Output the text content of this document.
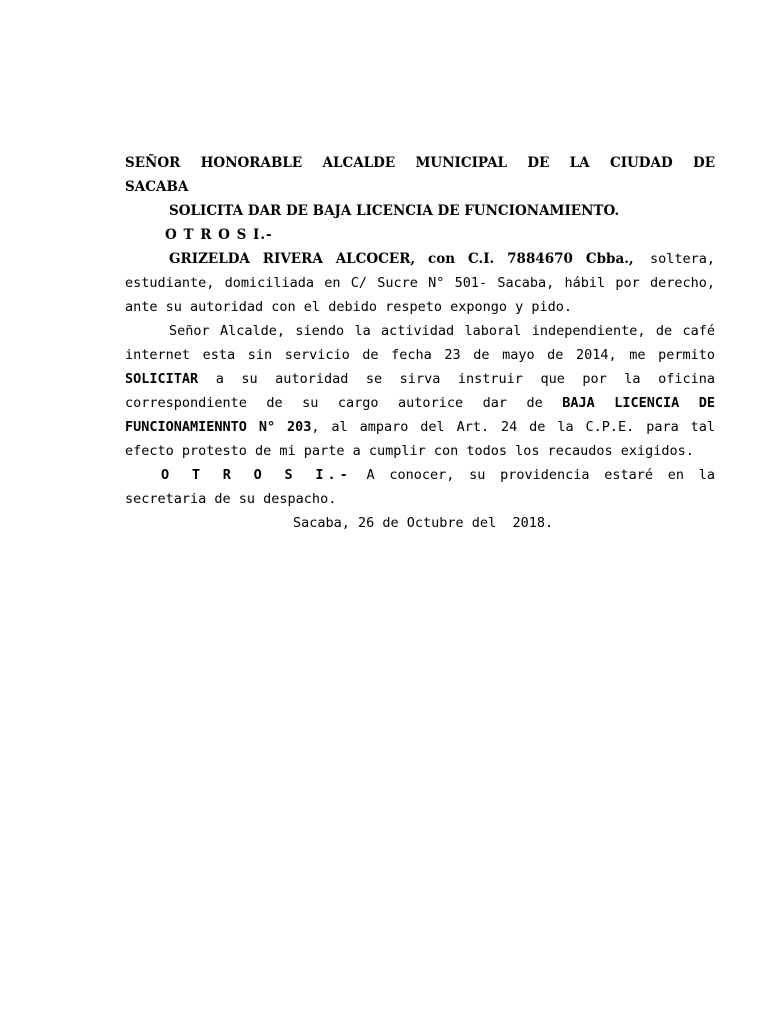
SEÑOR HONORABLE ALCALDE MUNICIPAL DE LA CIUDAD DE
SACABA
SOLICITA DAR DE BAJA LICENCIA DE FUNCIONAMIENTO.
O T R O S I.-
GRIZELDA RIVERA ALCOCER, con C.I. 7884670 Cbba., soltera, estudiante, domiciliada en C/ Sucre N° 501- Sacaba, hábil por derecho, ante su autoridad con el debido respeto expongo y pido.
Señor Alcalde, siendo la actividad laboral independiente, de café internet esta sin servicio de fecha 23 de mayo de 2014, me permito SOLICITAR a su autoridad se sirva instruir que por la oficina correspondiente de su cargo autorice dar de BAJA LICENCIA DE FUNCIONAMIENNTO N° 203, al amparo del Art. 24 de la C.P.E. para tal efecto protesto de mi parte a cumplir con todos los recaudos exigidos.
O T R O S I.- A conocer, su providencia estaré en la secretaria de su despacho.
Sacaba, 26 de Octubre del  2018.
